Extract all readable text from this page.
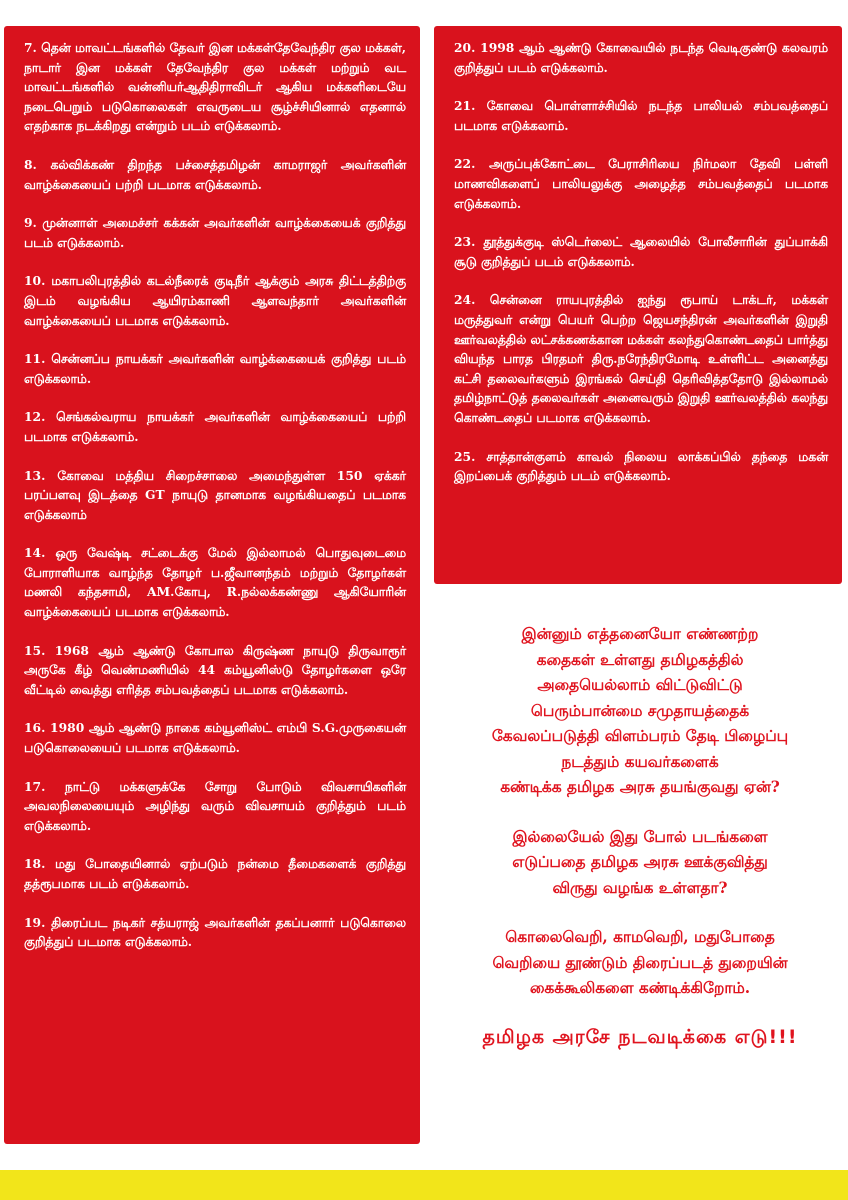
7. தென் மாவட்டங்களில் தேவர் இன மக்கள்தேவேந்திர குல மக்கள், நாடார் இன மக்கள் தேவேந்திர குல மக்கள் மற்றும் வட மாவட்டங்களில் வன்னியர்ஆதிதிராவிடர் ஆகிய மக்களிடையே நடைபெறும் படுகொலைகள் எவருடைய சூழ்ச்சியினால் எதனால் எதற்காக நடக்கிறது என்றும் படம் எடுக்கலாம்.

8. கல்விக்கண் திறந்த பச்சைத்தமிழன் காமராஜர் அவர்களின் வாழ்க்கையைப் பற்றி படமாக எடுக்கலாம்.

9. முன்னாள் அமைச்சர் கக்கன் அவர்களின் வாழ்க்கையைக் குறித்து படம் எடுக்கலாம்.

10. மகாபலிபுரத்தில் கடல்நீரைக் குடிநீர் ஆக்கும் அரசு திட்டத்திற்கு இடம் வழங்கிய ஆயிரம்காணி ஆளவந்தார் அவர்களின் வாழ்க்கையைப் படமாக எடுக்கலாம்.

11. சென்னப்ப நாயக்கர் அவர்களின் வாழ்க்கையைக் குறித்து படம் எடுக்கலாம்.

12. செங்கல்வராய நாயக்கர் அவர்களின் வாழ்க்கையைப் பற்றி படமாக எடுக்கலாம்.

13. கோவை மத்திய சிறைச்சாலை அமைந்துள்ள 150 ஏக்கர் பரப்பளவு இடத்தை GT நாயுடு தானமாக வழங்கியதைப் படமாக எடுக்கலாம்

14. ஒரு வேஷ்டி சட்டைக்கு மேல் இல்லாமல் பொதுவுடைமை போராளியாக வாழ்ந்த தோழர் ப.ஜீவானந்தம் மற்றும் தோழர்கள் மணலி கந்தசாமி, AM.கோபு, R.நல்லக்கண்ணு ஆகியோரின் வாழ்க்கையைப் படமாக எடுக்கலாம்.

15. 1968 ஆம் ஆண்டு கோபால கிருஷ்ண நாயுடு திருவாரூர் அருகே கீழ் வெண்மணியில் 44 கம்யூனிஸ்டு தோழர்களை ஒரே வீட்டில் வைத்து எரித்த சம்பவத்தைப் படமாக எடுக்கலாம்.

16. 1980 ஆம் ஆண்டு நாகை கம்யூனிஸ்ட் எம்பி S.G.முருகையன் படுகொலையைப் படமாக எடுக்கலாம்.

17. நாட்டு மக்களுக்கே சோறு போடும் விவசாயிகளின் அவலநிலையையும் அழிந்து வரும் விவசாயம் குறித்தும் படம் எடுக்கலாம்.

18. மது போதையினால் ஏற்படும் நன்மை தீமைகளைக் குறித்து தத்ரூபமாக படம் எடுக்கலாம்.

19. திரைப்பட நடிகர் சத்யராஜ் அவர்களின் தகப்பனார் படுகொலை குறித்துப் படமாக எடுக்கலாம்.

20. 1998 ஆம் ஆண்டு கோவையில் நடந்த வெடிகுண்டு கலவரம் குறித்துப் படம் எடுக்கலாம்.

21. கோவை பொள்ளாச்சியில் நடந்த பாலியல் சம்பவத்தைப் படமாக எடுக்கலாம்.

22. அருப்புக்கோட்டை பேராசிரியை நிர்மலா தேவி பள்ளி மாணவிகளைப் பாலியலுக்கு அழைத்த சம்பவத்தைப் படமாக எடுக்கலாம்.

23. தூத்துக்குடி ஸ்டெர்லைட் ஆலையில் போலீசாரின் துப்பாக்கி சூடு குறித்துப் படம் எடுக்கலாம்.

24. சென்னை ராயபுரத்தில் ஐந்து ரூபாய் டாக்டர், மக்கள் மருத்துவர் என்று பெயர் பெற்ற ஜெயசந்திரன் அவர்களின் இறுதி ஊர்வலத்தில் லட்சக்கணக்கான மக்கள் கலந்துகொண்டதைப் பார்த்து வியந்த பாரத பிரதமர் திரு.நரேந்திரமோடி உள்ளிட்ட அனைத்து கட்சி தலைவர்களும் இரங்கல் செய்தி தெரிவித்ததோடு இல்லாமல் தமிழ்நாட்டுத் தலைவர்கள் அனைவரும் இறுதி ஊர்வலத்தில் கலந்து கொண்டதைப் படமாக எடுக்கலாம்.

25. சாத்தான்குளம் காவல் நிலைய லாக்கப்பில் தந்தை மகன் இறப்பைக் குறித்தும் படம் எடுக்கலாம்.

இன்னும் எத்தனையோ எண்ணற்ற
கதைகள் உள்ளது தமிழகத்தில்
அதையெல்லாம் விட்டுவிட்டு
பெரும்பான்மை சமுதாயத்தைக்
கேவலப்படுத்தி விளம்பரம் தேடி பிழைப்பு
நடத்தும் கயவர்களைக்
கண்டிக்க தமிழக அரசு தயங்குவது ஏன்?

இல்லையேல் இது போல் படங்களை
எடுப்பதை தமிழக அரசு ஊக்குவித்து
விருது வழங்க உள்ளதா?

கொலைவெறி, காமவெறி, மதுபோதை
வெறியை தூண்டும் திரைப்படத் துறையின்
கைக்கூலிகளை கண்டிக்கிறோம்.

தமிழக அரசே நடவடிக்கை எடு!!!
